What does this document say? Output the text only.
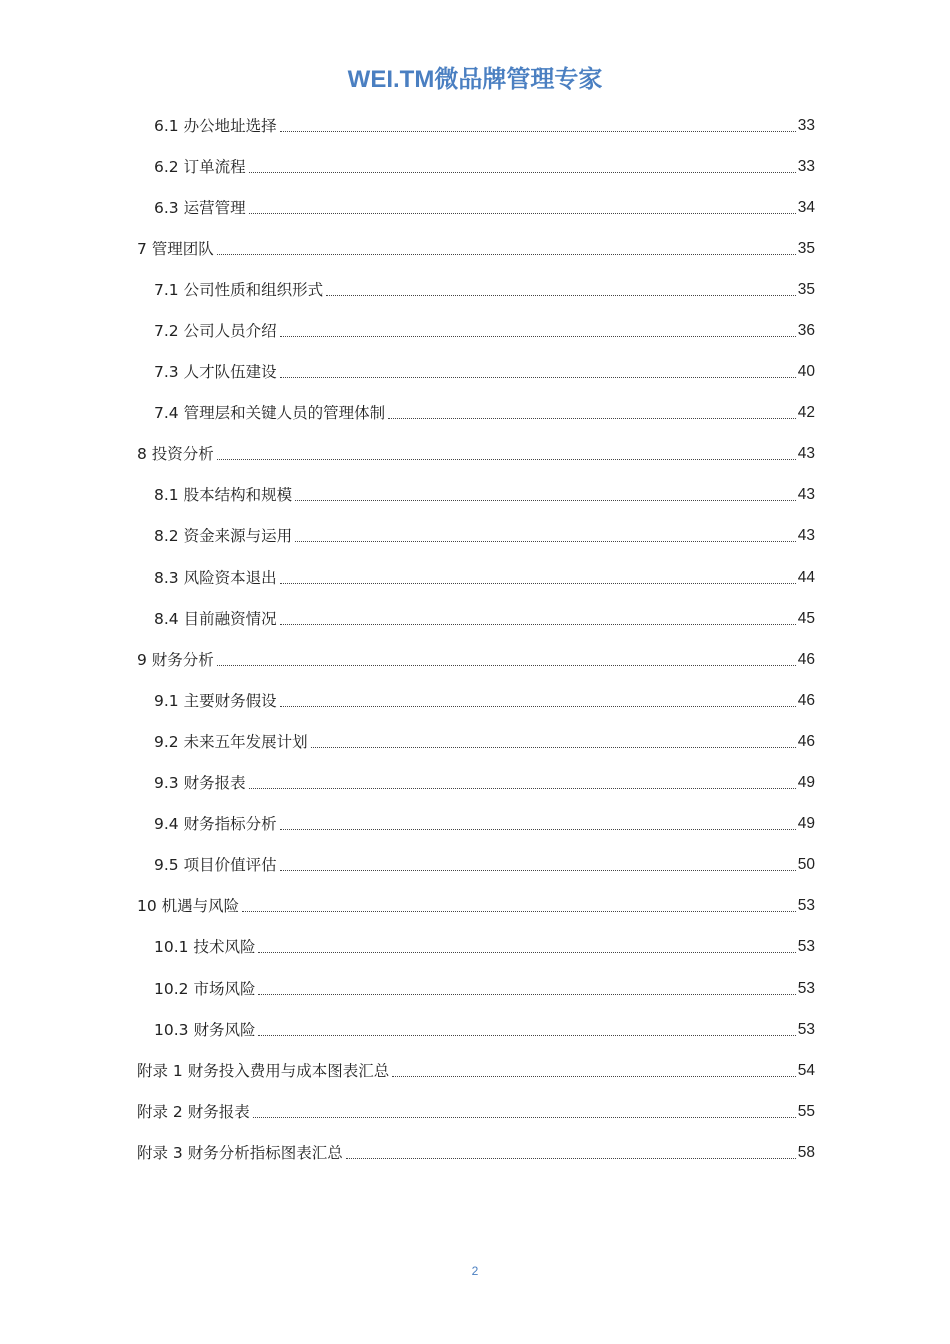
WEI.TM微品牌管理专家
6.1 办公地址选择	33
6.2 订单流程	33
6.3 运营管理	34
7 管理团队	35
7.1 公司性质和组织形式	35
7.2 公司人员介绍	36
7.3 人才队伍建设	40
7.4 管理层和关键人员的管理体制	42
8 投资分析	43
8.1 股本结构和规模	43
8.2 资金来源与运用	43
8.3 风险资本退出	44
8.4 目前融资情况	45
9 财务分析	46
9.1 主要财务假设	46
9.2 未来五年发展计划	46
9.3 财务报表	49
9.4 财务指标分析	49
9.5 项目价值评估	50
10 机遇与风险	53
10.1 技术风险	53
10.2 市场风险	53
10.3 财务风险	53
附录 1 财务投入费用与成本图表汇总	54
附录 2 财务报表	55
附录 3 财务分析指标图表汇总	58
2
